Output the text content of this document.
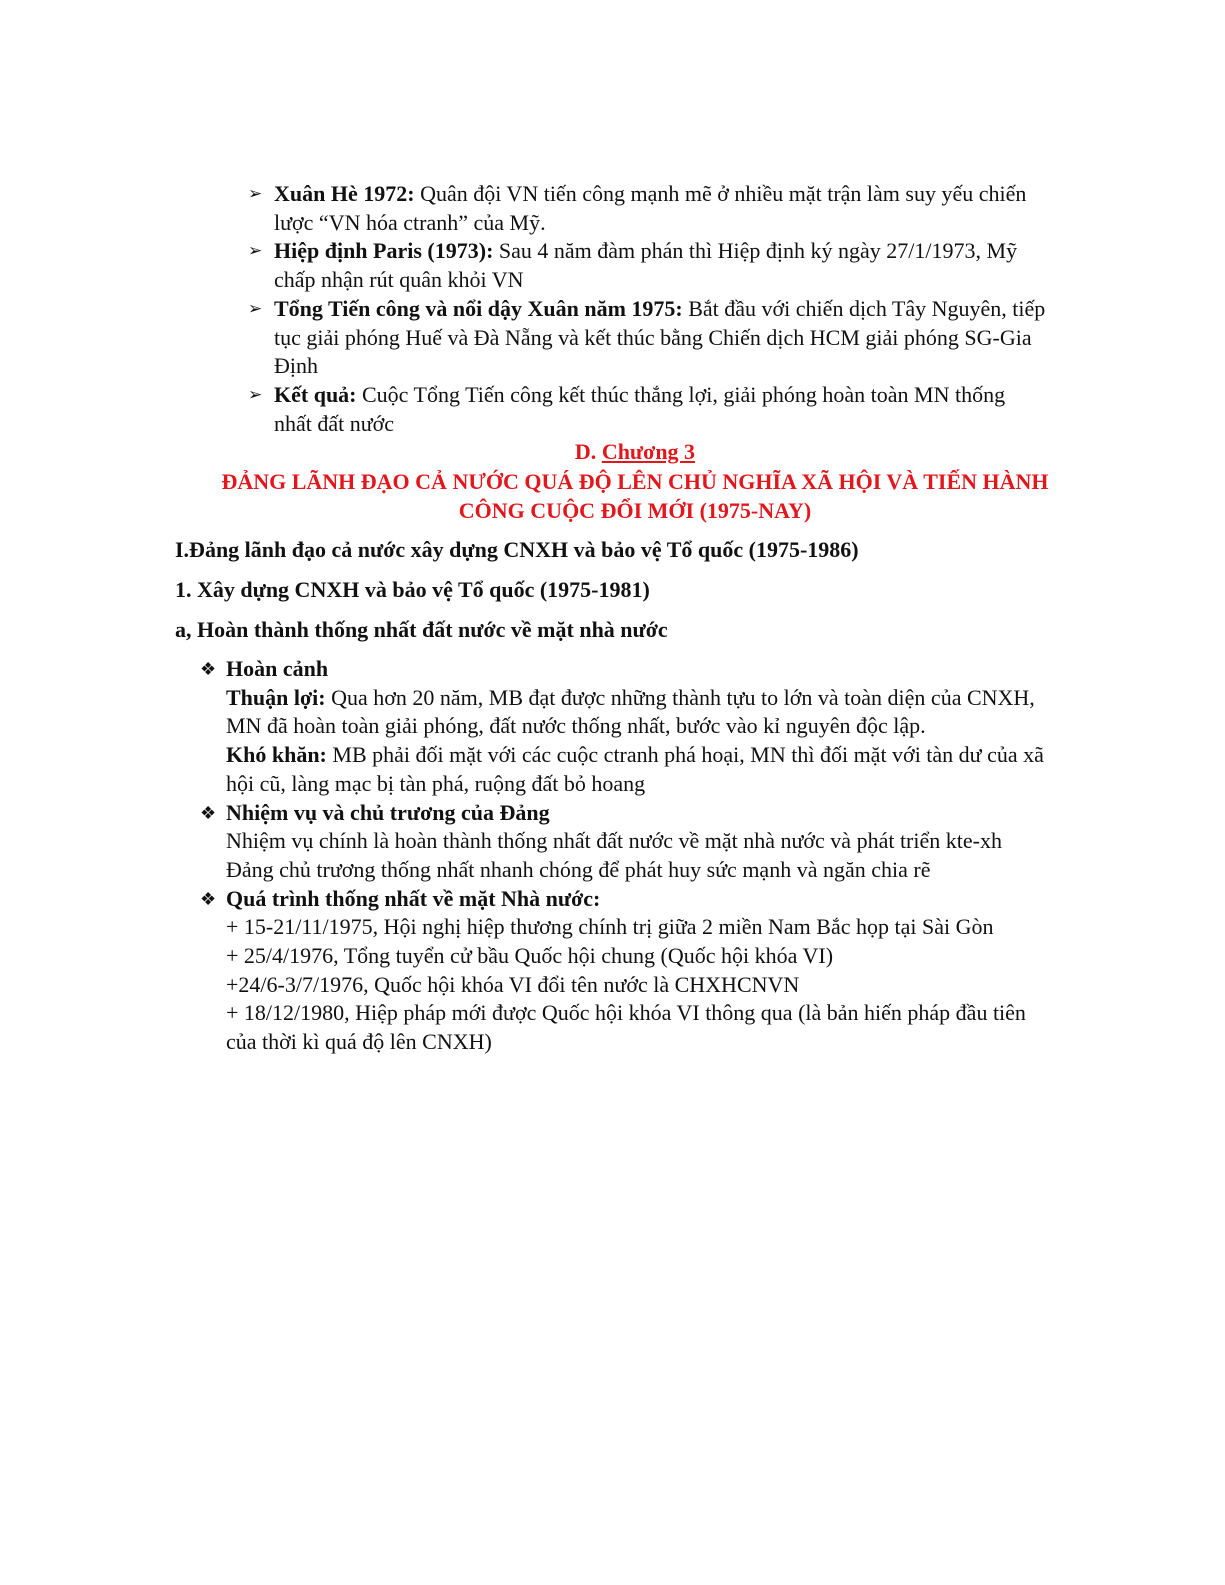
➢ Xuân Hè 1972: Quân đội VN tiến công mạnh mẽ ở nhiều mặt trận làm suy yếu chiến lược “VN hóa ctranh” của Mỹ.
➢ Hiệp định Paris (1973): Sau 4 năm đàm phán thì Hiệp định ký ngày 27/1/1973, Mỹ chấp nhận rút quân khỏi VN
➢ Tổng Tiến công và nổi dậy Xuân năm 1975: Bắt đầu với chiến dịch Tây Nguyên, tiếp tục giải phóng Huế và Đà Nẵng và kết thúc bằng Chiến dịch HCM giải phóng SG-Gia Định
➢ Kết quả: Cuộc Tổng Tiến công kết thúc thắng lợi, giải phóng hoàn toàn MN thống nhất đất nước
D. Chương 3
ĐẢNG LÃNH ĐẠO CẢ NƯỚC QUÁ ĐỘ LÊN CHỦ NGHĨA XÃ HỘI VÀ TIẾN HÀNH CÔNG CUỘC ĐỔI MỚI (1975-NAY)
I.Đảng lãnh đạo cả nước xây dựng CNXH và bảo vệ Tổ quốc (1975-1986)
1. Xây dựng CNXH và bảo vệ Tổ quốc (1975-1981)
a, Hoàn thành thống nhất đất nước về mặt nhà nước
❖ Hoàn cảnh
Thuận lợi: Qua hơn 20 năm, MB đạt được những thành tựu to lớn và toàn diện của CNXH, MN đã hoàn toàn giải phóng, đất nước thống nhất, bước vào kỉ nguyên độc lập.
Khó khăn: MB phải đối mặt với các cuộc ctranh phá hoại, MN thì đối mặt với tàn dư của xã hội cũ, làng mạc bị tàn phá, ruộng đất bỏ hoang
❖ Nhiệm vụ và chủ trương của Đảng
Nhiệm vụ chính là hoàn thành thống nhất đất nước về mặt nhà nước và phát triển kte-xh
Đảng chủ trương thống nhất nhanh chóng để phát huy sức mạnh và ngăn chia rẽ
❖ Quá trình thống nhất về mặt Nhà nước:
+ 15-21/11/1975, Hội nghị hiệp thương chính trị giữa 2 miền Nam Bắc họp tại Sài Gòn
+ 25/4/1976, Tổng tuyển cử bầu Quốc hội chung (Quốc hội khóa VI)
+24/6-3/7/1976, Quốc hội khóa VI đổi tên nước là CHXHCNVN
+ 18/12/1980, Hiệp pháp mới được Quốc hội khóa VI thông qua (là bản hiến pháp đầu tiên của thời kì quá độ lên CNXH)
